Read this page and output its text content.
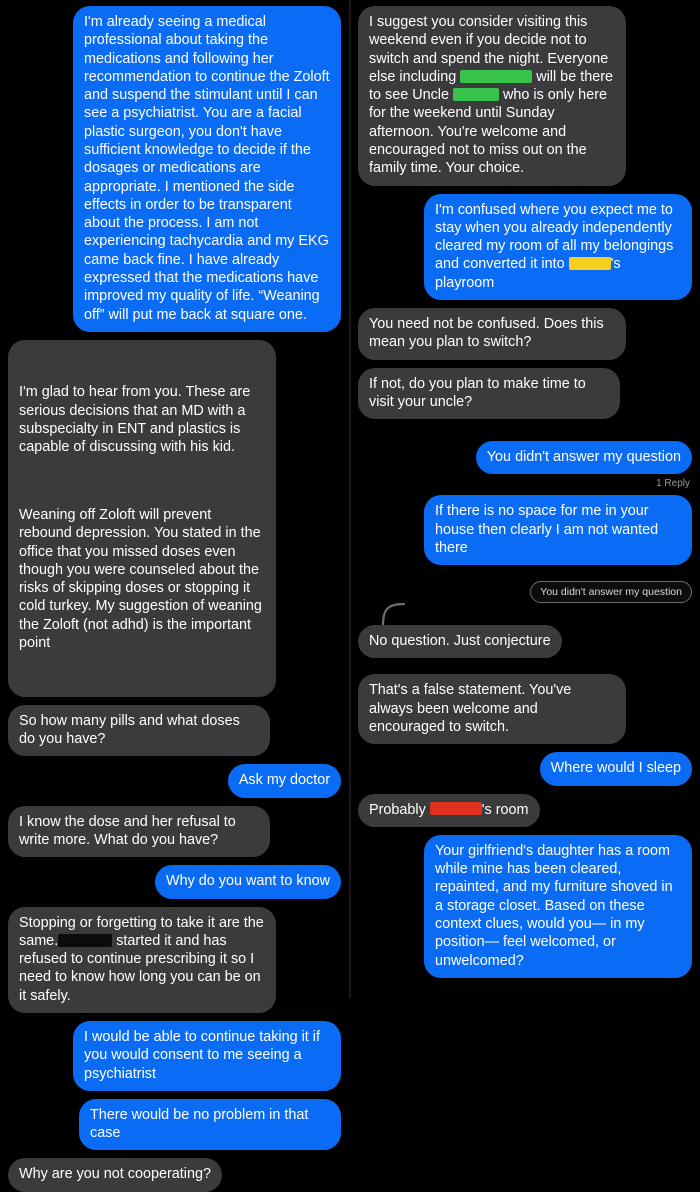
I'm already seeing a medical professional about taking the medications and following her recommendation to continue the Zoloft and suspend the stimulant until I can see a psychiatrist. You are a facial plastic surgeon, you don't have sufficient knowledge to decide if the dosages or medications are appropriate. I mentioned the side effects in order to be transparent about the process. I am not experiencing tachycardia and my EKG came back fine. I have already expressed that the medications have improved my quality of life. “Weaning off” will put me back at square one.

I'm glad to hear from you. These are serious decisions that an MD with a subspecialty in ENT and plastics is capable of discussing with his kid.

Weaning off Zoloft will prevent rebound depression. You stated in the office that you missed doses even though you were counseled about the risks of skipping doses or stopping it cold turkey. My suggestion of weaning the Zoloft (not adhd) is the important point

So how many pills and what doses do you have?
Ask my doctor
I know the dose and her refusal to write more. What do you have?
Why do you want to know
Stopping or forgetting to take it are the same.	started it and has refused to continue prescribing it so I need to know how long you can be on it safely.
I would be able to continue taking it if you would consent to me seeing a psychiatrist
There would be no problem in that case
Why are you not cooperating?
I suggest you consider visiting this weekend even if you decide not to switch and spend the night. Everyone else including	will be there to see Uncle	who is only here for the weekend until Sunday afternoon. You're welcome and encouraged not to miss out on the family time. Your choice.
I'm confused where you expect me to stay when you already independently cleared my room of all my belongings and converted it into	's playroom
You need not be confused. Does this mean you plan to switch?
If not, do you plan to make time to visit your uncle?
You didn't answer my question
1 Reply
If there is no space for me in your house then clearly I am not wanted there
You didn't answer my question
No question. Just conjecture
That's a false statement. You've always been welcome and encouraged to switch.
Where would I sleep
Probably	's room
Your girlfriend's daughter has a room while mine has been cleared, repainted, and my furniture shoved in a storage closet. Based on these context clues, would you— in my position— feel welcomed, or unwelcomed?
